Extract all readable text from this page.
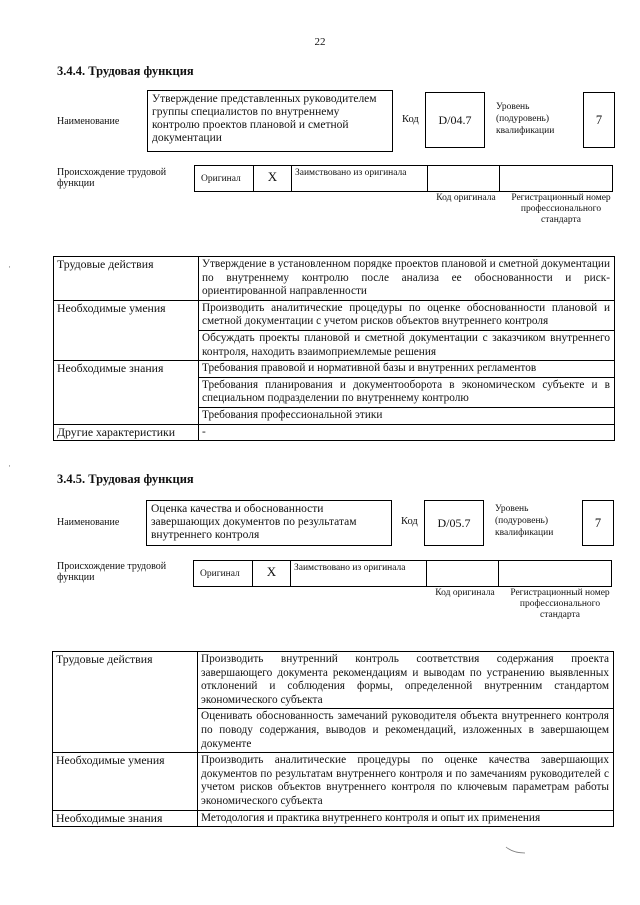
22
3.4.4. Трудовая функция
Наименование
Утверждение представленных руководителем группы специалистов по внутреннему контролю проектов плановой и сметной документации
Код	D/04.7
Уровень (подуровень) квалификации
7
Происхождение трудовой функции	Оригинал	X	Заимствовано из оригинала
Код оригинала	Регистрационный номер профессионального стандарта
Трудовые действия	Утверждение в установленном порядке проектов плановой и сметной документации по внутреннему контролю после анализа ее обоснованности и риск-ориентированной направленности
Необходимые умения	Производить аналитические процедуры по оценке обоснованности плановой и сметной документации с учетом рисков объектов внутреннего контроля
	Обсуждать проекты плановой и сметной документации с заказчиком внутреннего контроля, находить взаимоприемлемые решения
Необходимые знания	Требования правовой и нормативной базы и внутренних регламентов
	Требования планирования и документооборота в экономическом субъекте и в специальном подразделении по внутреннему контролю
	Требования профессиональной этики
Другие характеристики	-
3.4.5. Трудовая функция
Наименование
Оценка качества и обоснованности завершающих документов по результатам внутреннего контроля
Код	D/05.7
Уровень (подуровень) квалификации
7
Происхождение трудовой функции	Оригинал	X	Заимствовано из оригинала
Код оригинала	Регистрационный номер профессионального стандарта
Трудовые действия	Производить внутренний контроль соответствия содержания проекта завершающего документа рекомендациям и выводам по устранению выявленных отклонений и соблюдения формы, определенной внутренним стандартом экономического субъекта
	Оценивать обоснованность замечаний руководителя объекта внутреннего контроля по поводу содержания, выводов и рекомендаций, изложенных в завершающем документе
Необходимые умения	Производить аналитические процедуры по оценке качества завершающих документов по результатам внутреннего контроля и по замечаниям руководителей с учетом рисков объектов внутреннего контроля по ключевым параметрам работы экономического субъекта
Необходимые знания	Методология и практика внутреннего контроля и опыт их применения
·
·
